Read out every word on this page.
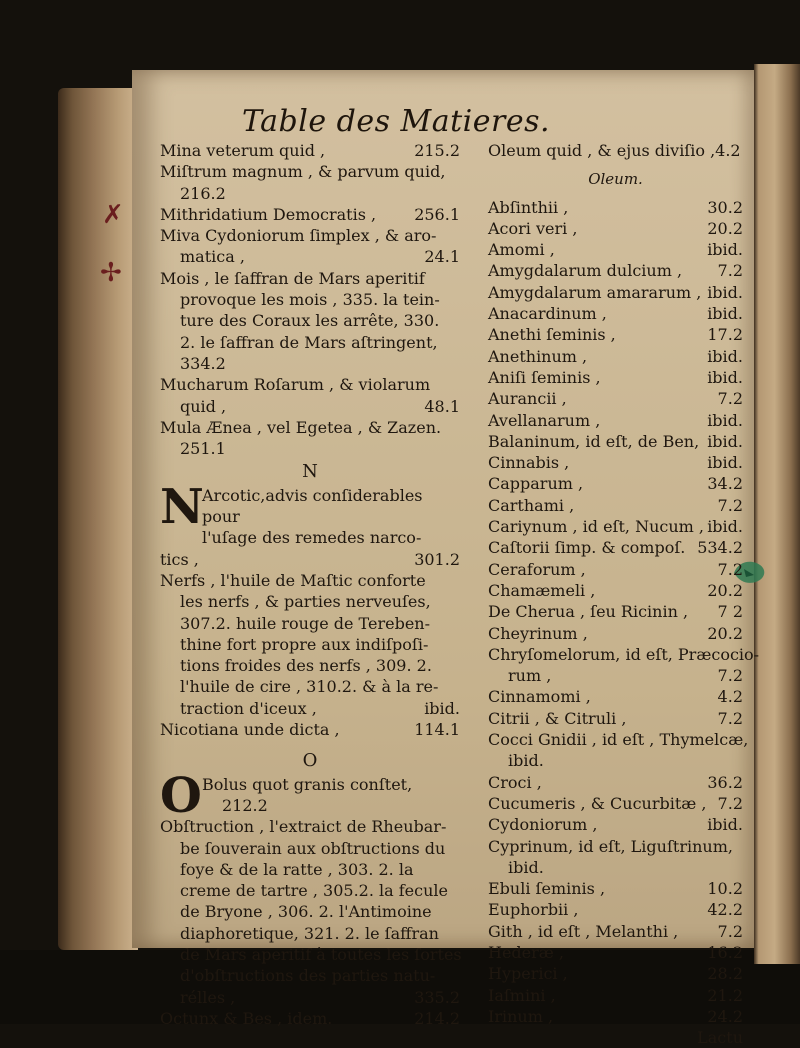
✗
✢
Table des Matieres.
Mina veterum quid ,	215.2
Miſtrum magnum , & parvum quid,
216.2
Mithridatium Democratis , 256.1
Miva Cydoniorum ſimplex , & aro-
matica ,	24.1
Mois , le ſaffran de Mars aperitif
provoque les mois , 335. la tein-
ture des Coraux les arrête, 330.
2. le ſaffran de Mars aſtringent,
334.2
Mucharum Roſarum , & violarum
quid ,	48.1
Mula Ænea , vel Egetea , & Zazen.
251.1
N
N
Arcotic,advis conſiderables pour
l'uſage des remedes narco-
tics ,	301.2
Nerfs , l'huile de Maſtic conforte
les nerfs , & parties nerveuſes,
307.2. huile rouge de Tereben-
thine fort propre aux indiſpoſi-
tions froides des nerfs , 309. 2.
l'huile de cire , 310.2. & à la re-
traction d'iceux ,	ibid.
Nicotiana unde dicta ,	114.1
O
O Bolus quot granis conſtet,
212.2
Obſtruction , l'extraict de Rheubar-
be ſouverain aux obſtructions du
foye & de la ratte , 303. 2. la
creme de tartre , 305.2. la fecule
de Bryone , 306. 2. l'Antimoine
diaphoretique, 321. 2. le ſaffran
de Mars aperitif à toutes les ſortes
d'obſtructions des parties natu-
rélles ,	335.2
Octunx & Bes , idem.	214.2
Oleum quid , & ejus diviſio ,4.2
Oleum.
Abſinthii ,	30.2
Acori veri ,	20.2
Amomi ,	ibid.
Amygdalarum dulcium , 7.2
Amygdalarum amararum , ibid.
Anacardinum ,	ibid.
Anethi ſeminis ,	17.2
Anethinum ,	ibid.
Aniſi ſeminis ,	ibid.
Aurancii ,	7.2
Avellanarum ,	ibid.
Balaninum, id eſt, de Ben, ibid.
Cinnabis ,	ibid.
Capparum ,	34.2
Carthami ,	7.2
Cariynum , id eſt, Nucum , ibid.
Caſtorii ſimp. & compoſ. 534.2
Ceraforum ,	7.2
Chamæmeli ,	20.2
De Cherua , ſeu Ricinin , 7 2
Cheyrinum ,	20.2
Chryſomelorum, id eſt, Præcocio-
rum ,	7.2
Cinnamomi ,	4.2
Citrii , & Citruli ,	7.2
Cocci Gnidii , id eſt , Thymelcæ,
ibid.
Croci ,	36.2
Cucumeris , & Cucurbitæ , 7.2
Cydoniorum ,	ibid.
Cyprinum, id eſt, Liguſtrinum,
ibid.
Ebuli ſeminis ,	10.2
Euphorbii ,	42.2
Gith , id eſt , Melanthi , 7.2
Hederæ ,	16.2
Hyperici ,	28.2
Iaſmini ,	21.2
Irinum ,	24.2
Lactu
